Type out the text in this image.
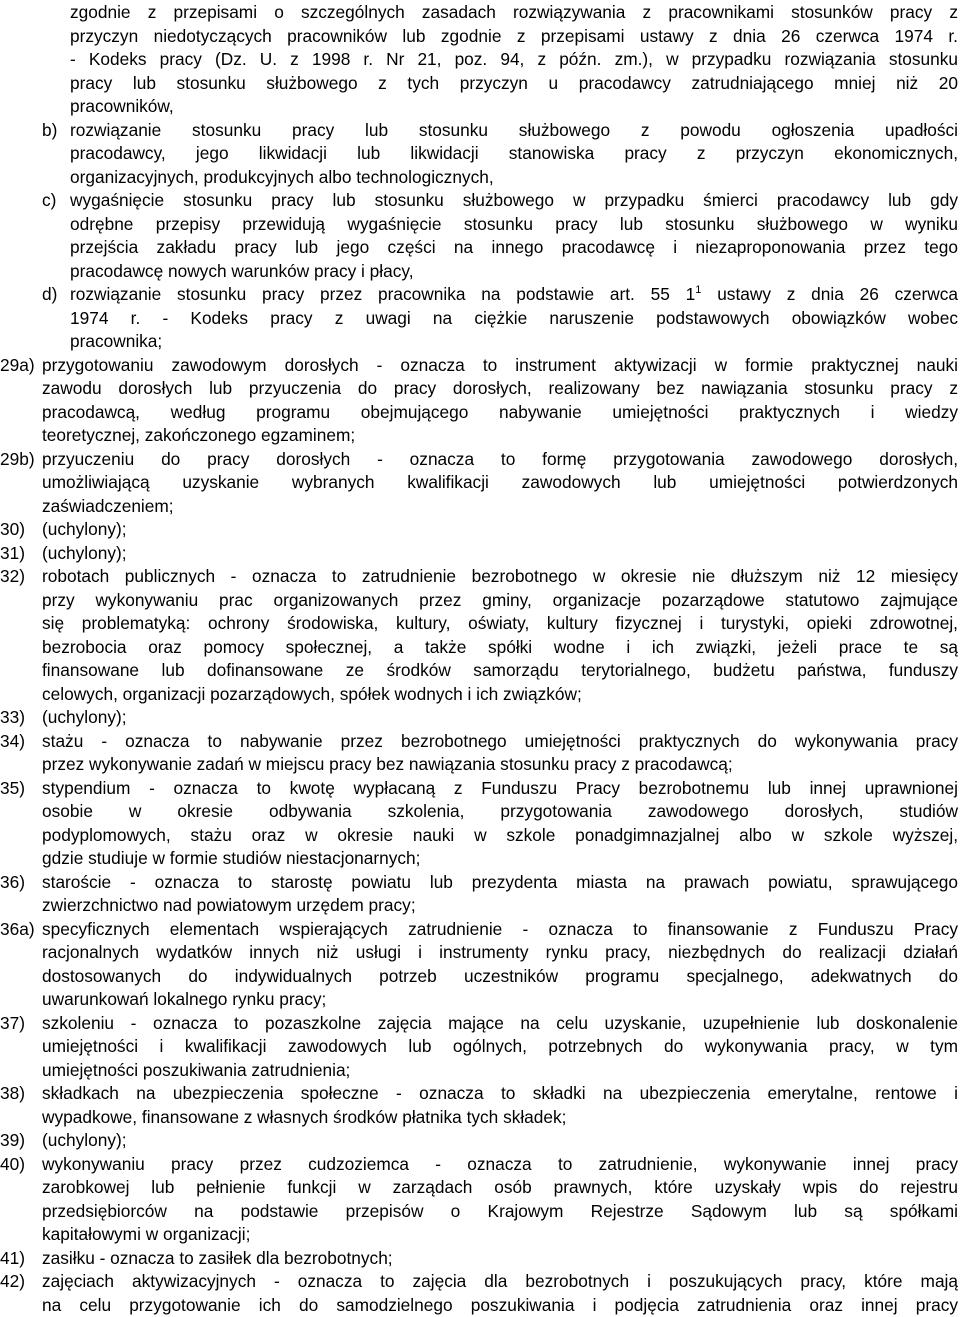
zgodnie z przepisami o szczególnych zasadach rozwiązywania z pracownikami stosunków pracy z
przyczyn niedotyczących pracowników lub zgodnie z przepisami ustawy z dnia 26 czerwca 1974 r.
- Kodeks pracy (Dz. U. z 1998 r. Nr 21, poz. 94, z późn. zm.), w przypadku rozwiązania stosunku
pracy lub stosunku służbowego z tych przyczyn u pracodawcy zatrudniającego mniej niż 20
pracowników,
b) rozwiązanie stosunku pracy lub stosunku służbowego z powodu ogłoszenia upadłości
pracodawcy, jego likwidacji lub likwidacji stanowiska pracy z przyczyn ekonomicznych,
organizacyjnych, produkcyjnych albo technologicznych,
c) wygaśnięcie stosunku pracy lub stosunku służbowego w przypadku śmierci pracodawcy lub gdy
odrębne przepisy przewidują wygaśnięcie stosunku pracy lub stosunku służbowego w wyniku
przejścia zakładu pracy lub jego części na innego pracodawcę i niezaproponowania przez tego
pracodawcę nowych warunków pracy i płacy,
d) rozwiązanie stosunku pracy przez pracownika na podstawie art. 55 $1^1$ ustawy z dnia 26 czerwca
1974 r. - Kodeks pracy z uwagi na ciężkie naruszenie podstawowych obowiązków wobec
pracownika;
29a) przygotowaniu zawodowym dorosłych - oznacza to instrument aktywizacji w formie praktycznej nauki
zawodu dorosłych lub przyuczenia do pracy dorosłych, realizowany bez nawiązania stosunku pracy z
pracodawcą, według programu obejmującego nabywanie umiejętności praktycznych i wiedzy
teoretycznej, zakończonego egzaminem;
29b) przyuczeniu do pracy dorosłych - oznacza to formę przygotowania zawodowego dorosłych,
umożliwiającą uzyskanie wybranych kwalifikacji zawodowych lub umiejętności potwierdzonych
zaświadczeniem;
30) (uchylony);
31) (uchylony);
32) robotach publicznych - oznacza to zatrudnienie bezrobotnego w okresie nie dłuższym niż 12 miesięcy
przy wykonywaniu prac organizowanych przez gminy, organizacje pozarządowe statutowo zajmujące
się problematyką: ochrony środowiska, kultury, oświaty, kultury fizycznej i turystyki, opieki zdrowotnej,
bezrobocia oraz pomocy społecznej, a także spółki wodne i ich związki, jeżeli prace te są
finansowane lub dofinansowane ze środków samorządu terytorialnego, budżetu państwa, funduszy
celowych, organizacji pozarządowych, spółek wodnych i ich związków;
33) (uchylony);
34) stażu - oznacza to nabywanie przez bezrobotnego umiejętności praktycznych do wykonywania pracy
przez wykonywanie zadań w miejscu pracy bez nawiązania stosunku pracy z pracodawcą;
35) stypendium - oznacza to kwotę wypłacaną z Funduszu Pracy bezrobotnemu lub innej uprawnionej
osobie w okresie odbywania szkolenia, przygotowania zawodowego dorosłych, studiów
podyplomowych, stażu oraz w okresie nauki w szkole ponadgimnazjalnej albo w szkole wyższej,
gdzie studiuje w formie studiów niestacjonarnych;
36) staroście - oznacza to starostę powiatu lub prezydenta miasta na prawach powiatu, sprawującego
zwierzchnictwo nad powiatowym urzędem pracy;
36a) specyficznych elementach wspierających zatrudnienie - oznacza to finansowanie z Funduszu Pracy
racjonalnych wydatków innych niż usługi i instrumenty rynku pracy, niezbędnych do realizacji działań
dostosowanych do indywidualnych potrzeb uczestników programu specjalnego, adekwatnych do
uwarunkowań lokalnego rynku pracy;
37) szkoleniu - oznacza to pozaszkolne zajęcia mające na celu uzyskanie, uzupełnienie lub doskonalenie
umiejętności i kwalifikacji zawodowych lub ogólnych, potrzebnych do wykonywania pracy, w tym
umiejętności poszukiwania zatrudnienia;
38) składkach na ubezpieczenia społeczne - oznacza to składki na ubezpieczenia emerytalne, rentowe i
wypadkowe, finansowane z własnych środków płatnika tych składek;
39) (uchylony);
40) wykonywaniu pracy przez cudzoziemca - oznacza to zatrudnienie, wykonywanie innej pracy
zarobkowej lub pełnienie funkcji w zarządach osób prawnych, które uzyskały wpis do rejestru
przedsiębiorców na podstawie przepisów o Krajowym Rejestrze Sądowym lub są spółkami
kapitałowymi w organizacji;
41) zasiłku - oznacza to zasiłek dla bezrobotnych;
42) zajęciach aktywizacyjnych - oznacza to zajęcia dla bezrobotnych i poszukujących pracy, które mają
na celu przygotowanie ich do samodzielnego poszukiwania i podjęcia zatrudnienia oraz innej pracy
